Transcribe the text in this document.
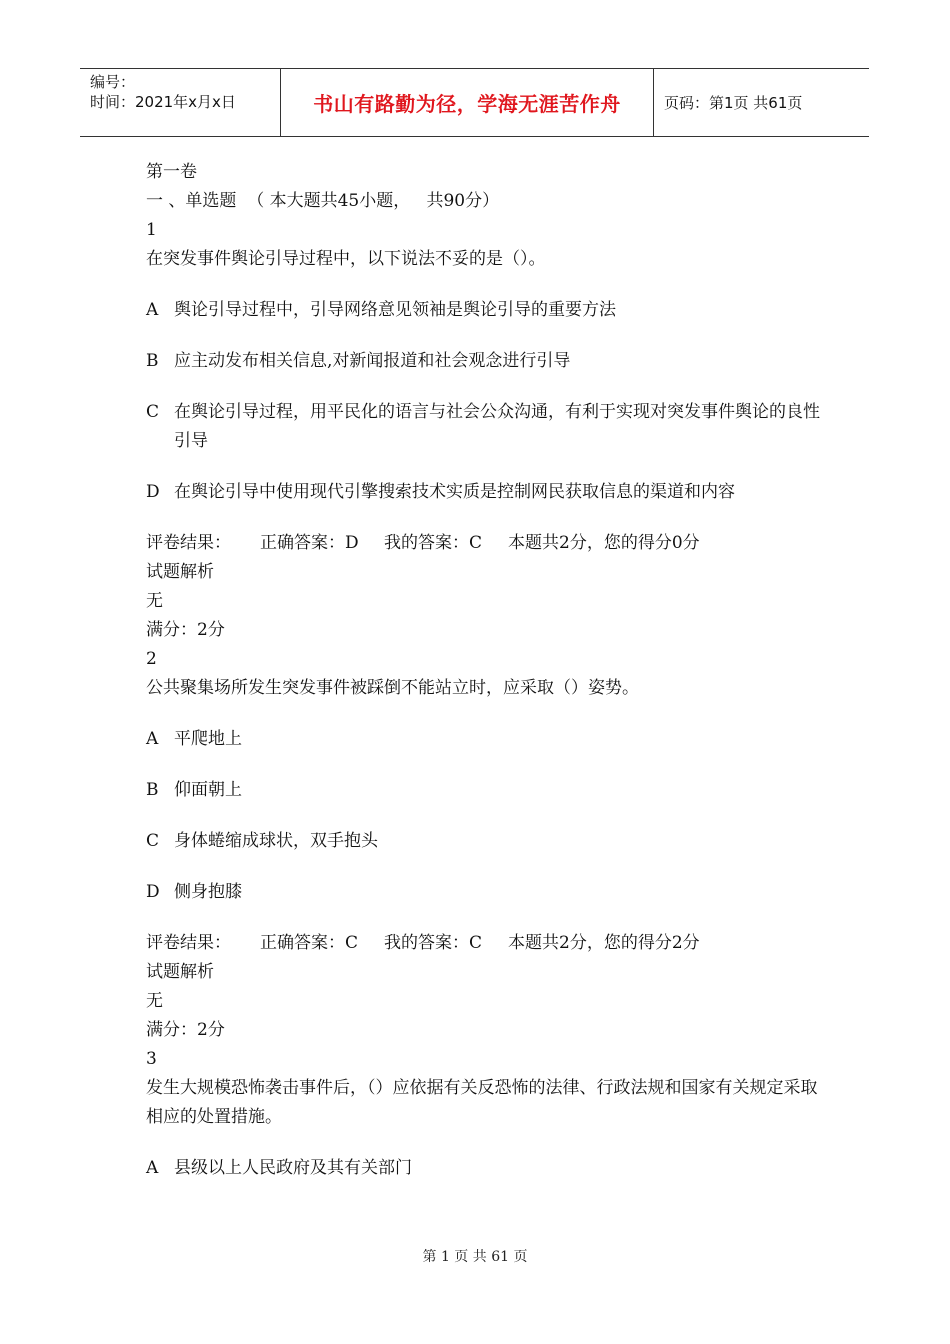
编号：
时间：2021年x月x日	书山有路勤为径，学海无涯苦作舟	页码：第1页 共61页
第一卷
一 、单选题  （ 本大题共45小题，   共90分）
1
在突发事件舆论引导过程中，以下说法不妥的是（）。
A 舆论引导过程中，引导网络意见领袖是舆论引导的重要方法
B 应主动发布相关信息,对新闻报道和社会观念进行引导
C 在舆论引导过程，用平民化的语言与社会公众沟通，有利于实现对突发事件舆论的良性引导
D 在舆论引导中使用现代引擎搜索技术实质是控制网民获取信息的渠道和内容
评卷结果：	正确答案：D	我的答案：C	本题共2分，您的得分0分
试题解析
无
满分：2分
2
公共聚集场所发生突发事件被踩倒不能站立时，应采取（）姿势。
A 平爬地上
B 仰面朝上
C 身体蜷缩成球状，双手抱头
D 侧身抱膝
评卷结果：	正确答案：C	我的答案：C	本题共2分，您的得分2分
试题解析
无
满分：2分
3
发生大规模恐怖袭击事件后，（）应依据有关反恐怖的法律、行政法规和国家有关规定采取相应的处置措施。
A 县级以上人民政府及其有关部门
第 1 页 共 61 页
